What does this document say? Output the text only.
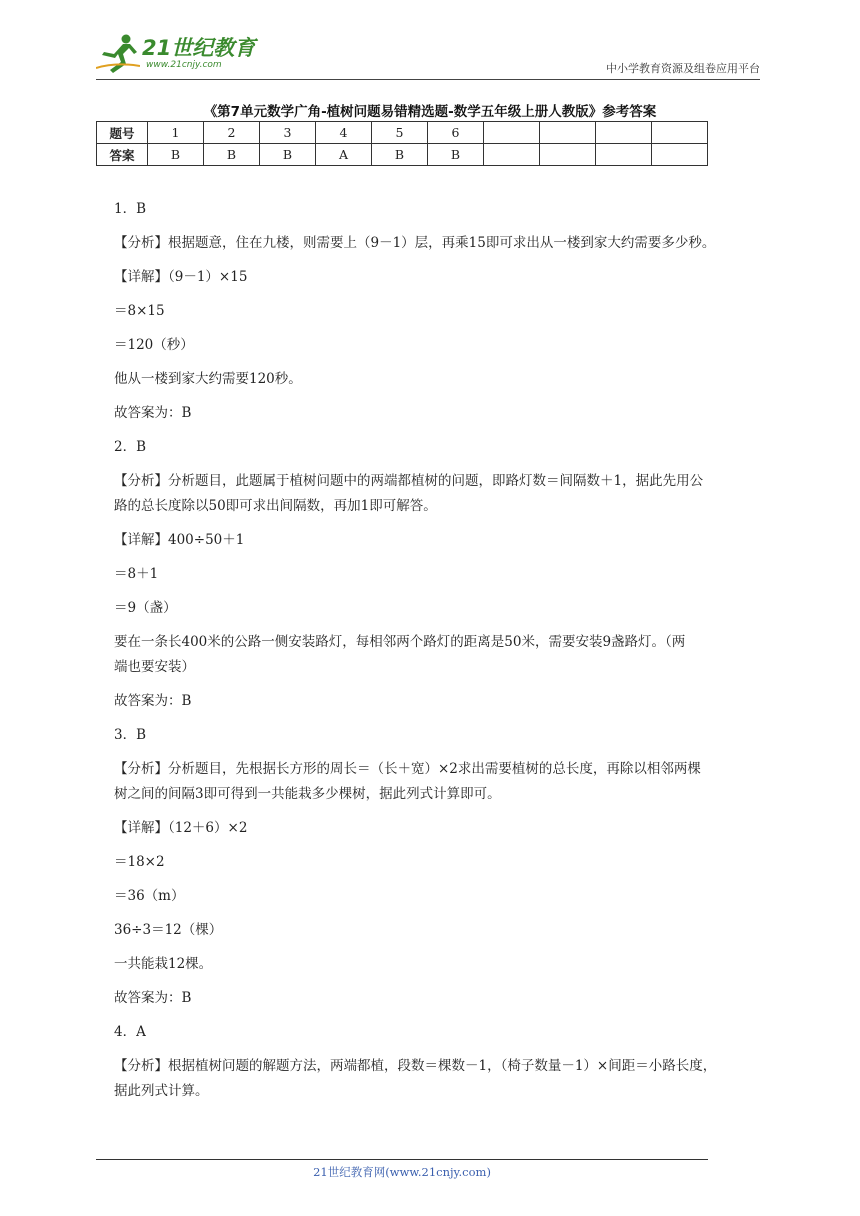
21世纪教育
www.21cnjy.com	中小学教育资源及组卷应用平台
《第7单元数学广角-植树问题易错精选题-数学五年级上册人教版》参考答案
题号	1	2	3	4	5	6				
答案	B	B	B	A	B	B				
1．B
【分析】根据题意，住在九楼，则需要上（9－1）层，再乘15即可求出从一楼到家大约需要多少秒。
【详解】（9－1）×15
＝8×15
＝120（秒）
他从一楼到家大约需要120秒。
故答案为：B
2．B
【分析】分析题目，此题属于植树问题中的两端都植树的问题，即路灯数＝间隔数＋1，据此先用公
路的总长度除以50即可求出间隔数，再加1即可解答。
【详解】400÷50＋1
＝8＋1
＝9（盏）
要在一条长400米的公路一侧安装路灯，每相邻两个路灯的距离是50米，需要安装9盏路灯。（两
端也要安装）
故答案为：B
3．B
【分析】分析题目，先根据长方形的周长＝（长＋宽）×2求出需要植树的总长度，再除以相邻两棵
树之间的间隔3即可得到一共能栽多少棵树，据此列式计算即可。
【详解】（12＋6）×2
＝18×2
＝36（m）
36÷3＝12（棵）
一共能栽12棵。
故答案为：B
4．A
【分析】根据植树问题的解题方法，两端都植，段数＝棵数－1，（椅子数量－1）×间距＝小路长度，
据此列式计算。
21世纪教育网(www.21cnjy.com)
